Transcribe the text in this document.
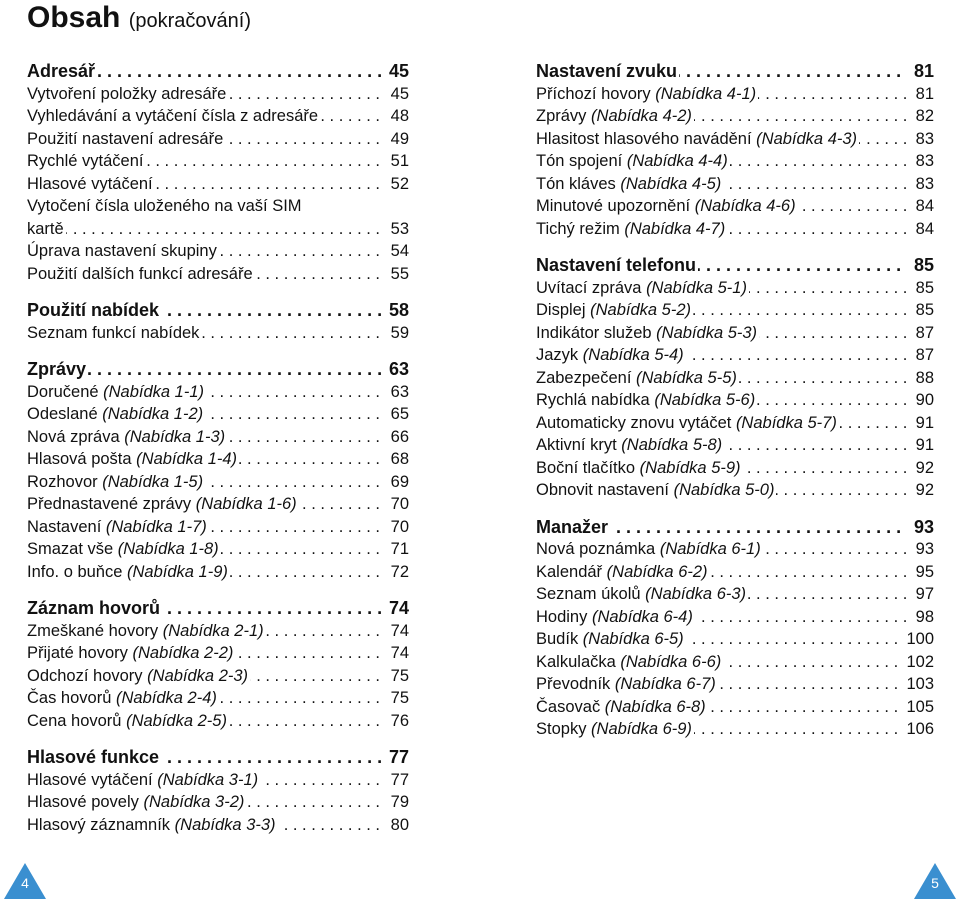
Obsah (pokračování)
. . .
Adresář	45
. . .
Vytvoření položky adresáře	45
. . .
Vyhledávání a vytáčení čísla z adresáře	48
. . .
Použití nastavení adresáře	49
. . .
Rychlé vytáčení	51
. . .
Hlasové vytáčení	52
Vytočení čísla uloženého na vaší SIM
. . .
kartě	53
. . .
Úprava nastavení skupiny	54
. . .
Použití dalších funkcí adresáře	55
. . .
Použití nabídek	58
. . .
Seznam funkcí nabídek	59
. . .
Zprávy	63
. . .
Doručené (Nabídka 1-1)	63
. . .
Odeslané (Nabídka 1-2)	65
. . .
Nová zpráva (Nabídka 1-3)	66
. . .
Hlasová pošta (Nabídka 1-4)	68
. . .
Rozhovor (Nabídka 1-5)	69
. . .
Přednastavené zprávy (Nabídka 1-6)	70
. . .
Nastavení (Nabídka 1-7)	70
. . .
Smazat vše (Nabídka 1-8)	71
. . .
Info. o buňce (Nabídka 1-9)	72
. . .
Záznam hovorů	74
. . .
Zmeškané hovory (Nabídka 2-1)	74
. . .
Přijaté hovory (Nabídka 2-2)	74
. . .
Odchozí hovory (Nabídka 2-3)	75
. . .
Čas hovorů (Nabídka 2-4)	75
. . .
Cena hovorů (Nabídka 2-5)	76
. . .
Hlasové funkce	77
. . .
Hlasové vytáčení (Nabídka 3-1)	77
. . .
Hlasové povely (Nabídka 3-2)	79
. . .
Hlasový záznamník (Nabídka 3-3)	80
. . .
Nastavení zvuku	81
. . .
Příchozí hovory (Nabídka 4-1)	81
. . .
Zprávy (Nabídka 4-2)	82
. . .
Hlasitost hlasového navádění (Nabídka 4-3)	83
. . .
Tón spojení (Nabídka 4-4)	83
. . .
Tón kláves (Nabídka 4-5)	83
. . .
Minutové upozornění (Nabídka 4-6)	84
. . .
Tichý režim (Nabídka 4-7)	84
. . .
Nastavení telefonu	85
. . .
Uvítací zpráva (Nabídka 5-1)	85
. . .
Displej (Nabídka 5-2)	85
. . .
Indikátor služeb (Nabídka 5-3)	87
. . .
Jazyk (Nabídka 5-4)	87
. . .
Zabezpečení (Nabídka 5-5)	88
. . .
Rychlá nabídka (Nabídka 5-6)	90
. . .
Automaticky znovu vytáčet (Nabídka 5-7)	91
. . .
Aktivní kryt (Nabídka 5-8)	91
. . .
Boční tlačítko (Nabídka 5-9)	92
. . .
Obnovit nastavení (Nabídka 5-0)	92
. . .
Manažer	93
. . .
Nová poznámka (Nabídka 6-1)	93
. . .
Kalendář (Nabídka 6-2)	95
. . .
Seznam úkolů (Nabídka 6-3)	97
. . .
Hodiny (Nabídka 6-4)	98
. . .
Budík (Nabídka 6-5)	100
. . .
Kalkulačka (Nabídka 6-6)	102
. . .
Převodník (Nabídka 6-7)	103
. . .
Časovač (Nabídka 6-8)	105
. . .
Stopky (Nabídka 6-9)	106
4	5
